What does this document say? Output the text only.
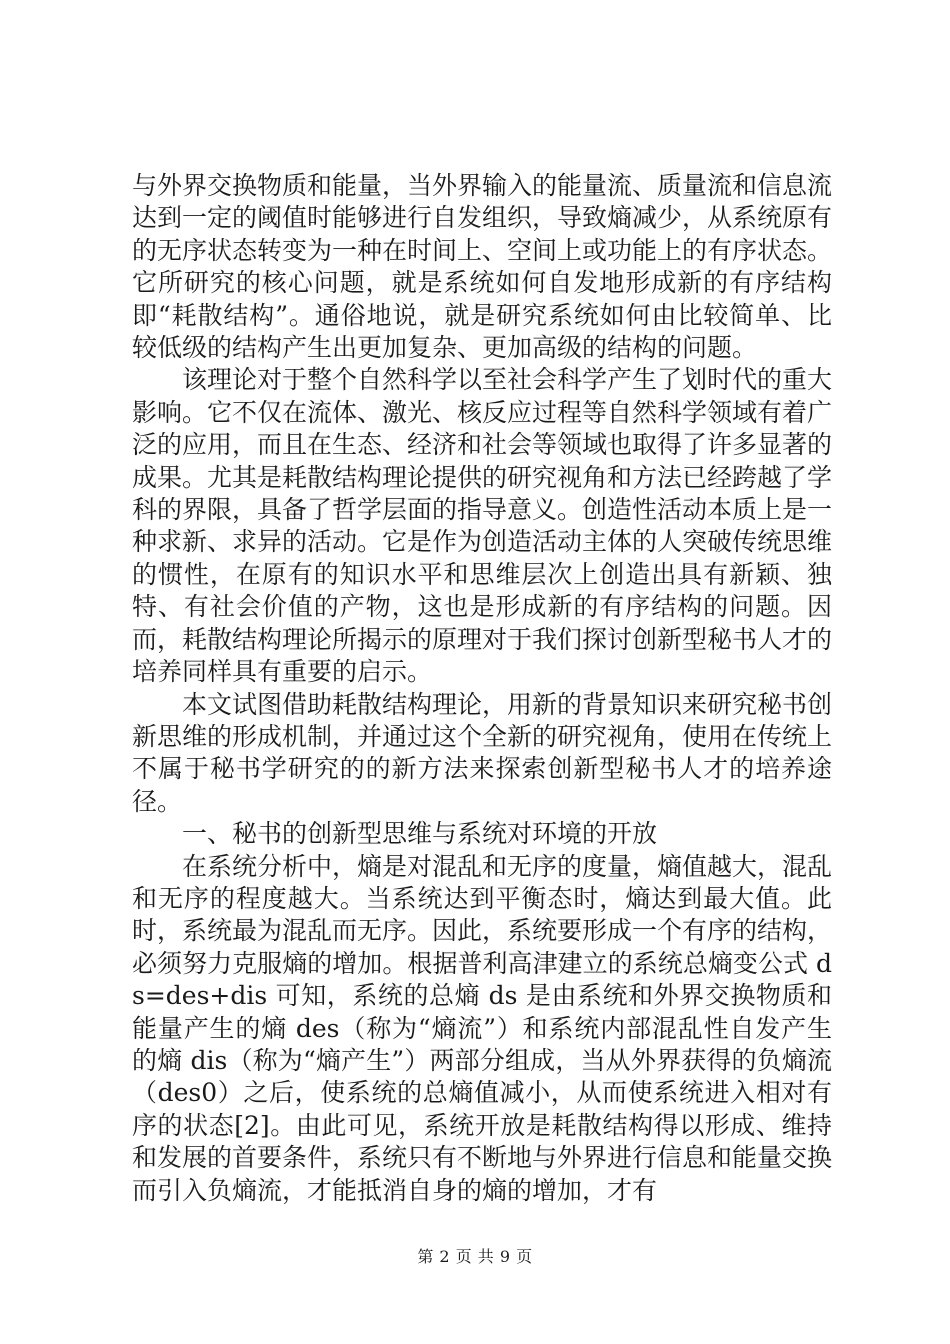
与外界交换物质和能量，当外界输入的能量流、质量流和信息流达到一定的阈值时能够进行自发组织，导致熵减少，从系统原有的无序状态转变为一种在时间上、空间上或功能上的有序状态。它所研究的核心问题，就是系统如何自发地形成新的有序结构即“耗散结构”。通俗地说，就是研究系统如何由比较简单、比较低级的结构产生出更加复杂、更加高级的结构的问题。

该理论对于整个自然科学以至社会科学产生了划时代的重大影响。它不仅在流体、激光、核反应过程等自然科学领域有着广泛的应用，而且在生态、经济和社会等领域也取得了许多显著的成果。尤其是耗散结构理论提供的研究视角和方法已经跨越了学科的界限，具备了哲学层面的指导意义。创造性活动本质上是一种求新、求异的活动。它是作为创造活动主体的人突破传统思维的惯性，在原有的知识水平和思维层次上创造出具有新颖、独特、有社会价值的产物，这也是形成新的有序结构的问题。因而，耗散结构理论所揭示的原理对于我们探讨创新型秘书人才的培养同样具有重要的启示。

本文试图借助耗散结构理论，用新的背景知识来研究秘书创新思维的形成机制，并通过这个全新的研究视角，使用在传统上不属于秘书学研究的的新方法来探索创新型秘书人才的培养途径。

一、秘书的创新型思维与系统对环境的开放

在系统分析中，熵是对混乱和无序的度量，熵值越大，混乱和无序的程度越大。当系统达到平衡态时，熵达到最大值。此时，系统最为混乱而无序。因此，系统要形成一个有序的结构，必须努力克服熵的增加。根据普利高津建立的系统总熵变公式 ds=des+dis 可知，系统的总熵 ds 是由系统和外界交换物质和能量产生的熵 des（称为“熵流”）和系统内部混乱性自发产生的熵 dis（称为“熵产生”）两部分组成，当从外界获得的负熵流（des0）之后，使系统的总熵值减小，从而使系统进入相对有序的状态[2]。由此可见，系统开放是耗散结构得以形成、维持和发展的首要条件，系统只有不断地与外界进行信息和能量交换而引入负熵流，才能抵消自身的熵的增加，才有

第 2 页 共 9 页
